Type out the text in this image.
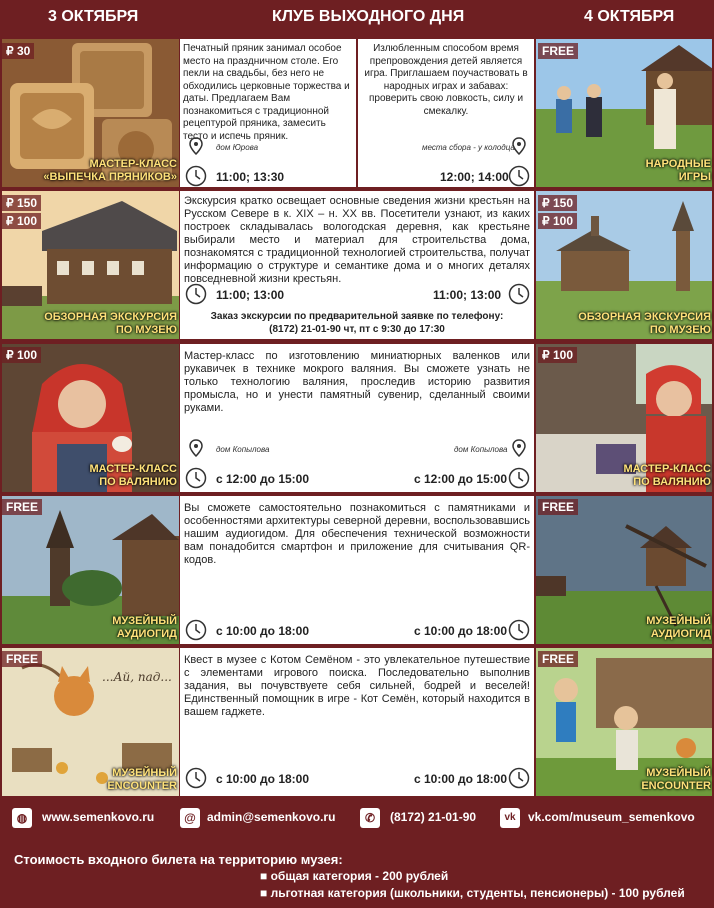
3 ОКТЯБРЯ	КЛУБ ВЫХОДНОГО ДНЯ	4 ОКТЯБРЯ
₽ 30
МАСТЕР-КЛАСС
«ВЫПЕЧКА ПРЯНИКОВ»
Печатный пряник занимал особое место на праздничном столе. Его пекли на свадьбы, без него не обходились церковные торжества и даты. Предлагаем Вам познакомиться с традиционной рецептурой пряника, замесить тесто и испечь пряник.
дом Юрова
11:00; 13:30
Излюбленным способом время препровождения детей является игра. Приглашаем поучаствовать в народных играх и забавах: проверить свою ловкость, силу и смекалку.
места сбора - у колодца
12:00; 14:00
FREE
НАРОДНЫЕ
ИГРЫ
₽ 150
₽ 100
ОБЗОРНАЯ ЭКСКУРСИЯ
ПО МУЗЕЮ
Экскурсия кратко освещает основные сведения жизни крестьян на Русском Севере в к. XIX – н. XX вв. Посетители узнают, из каких построек складывалась вологодская деревня, как крестьяне выбирали место и материал для строительства дома, познакомятся с традиционной технологией строительства, получат информацию о структуре и семантике дома и о многих деталях повседневной жизни крестьян.
11:00; 13:00	11:00; 13:00
Заказ экскурсии по предварительной заявке по телефону:
(8172) 21-01-90 чт, пт с 9:30 до 17:30
₽ 150
₽ 100
ОБЗОРНАЯ ЭКСКУРСИЯ
ПО МУЗЕЮ
₽ 100
МАСТЕР-КЛАСС
ПО ВАЛЯНИЮ
Мастер-класс по изготовлению миниатюрных валенков или рукавичек в технике мокрого валяния. Вы сможете узнать не только технологию валяния, проследив историю развития промысла, но и унести памятный сувенир, сделанный своими руками.
дом Копылова	дом Копылова
с 12:00 до 15:00	с 12:00 до 15:00
₽ 100
МАСТЕР-КЛАСС
ПО ВАЛЯНИЮ
FREE
МУЗЕЙНЫЙ
АУДИОГИД
Вы сможете самостоятельно познакомиться с памятниками и особенностями архитектуры северной деревни, воспользовавшись нашим аудиогидом. Для обеспечения технической возможности вам понадобится смартфон и приложение для считывания QR-кодов.
с 10:00 до 18:00	с 10:00 до 18:00
FREE
МУЗЕЙНЫЙ
АУДИОГИД
...Ай, пад...
FREE
МУЗЕЙНЫЙ
ENCOUNTER
Квест в музее с Котом Семёном - это увлекательное путешествие с элементами игрового поиска. Последовательно выполнив задания, вы почувствуете себя сильней, бодрей и веселей! Единственный помощник в игре - Кот Семён, который находится в вашем гаджете.
с 10:00 до 18:00	с 10:00 до 18:00
FREE
МУЗЕЙНЫЙ
ENCOUNTER
◍	www.semenkovo.ru	@ admin@semenkovo.ru	✆	(8172) 21-01-90	vk	vk.com/museum_semenkovo
Стоимость входного билета на территорию музея:
■ общая категория - 200 рублей
■ льготная категория (школьники, студенты, пенсионеры) - 100 рублей
